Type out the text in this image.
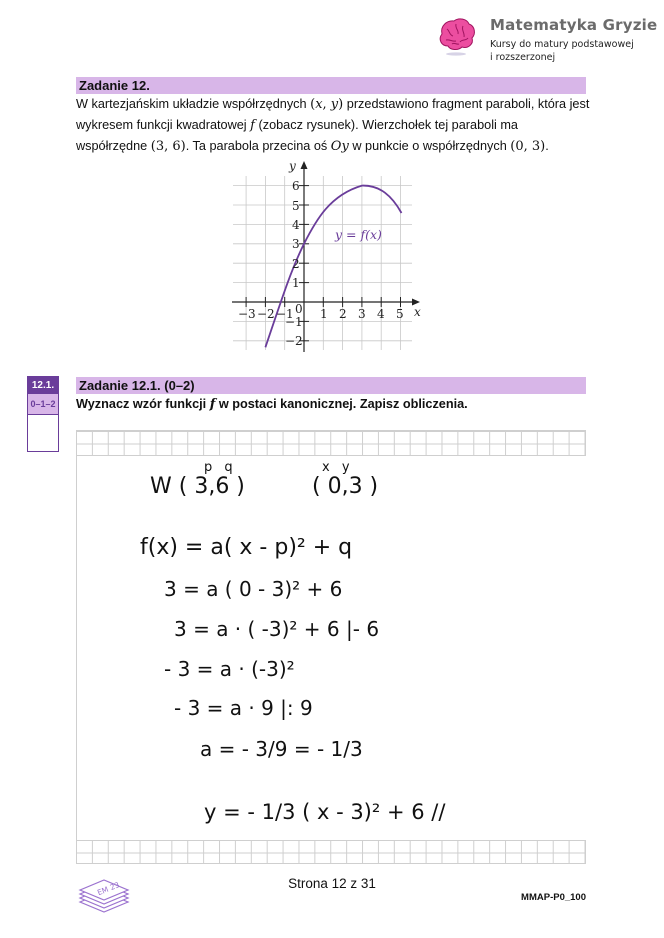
Matematyka Gryzie
Kursy do matury podstawowej
i rozszerzonej
Zadanie 12.
W kartezjańskim układzie współrzędnych (x, y) przedstawiono fragment paraboli, która jest
wykresem funkcji kwadratowej f (zobacz rysunek). Wierzchołek tej paraboli ma
współrzędne (3, 6). Ta parabola przecina oś Oy w punkcie o współrzędnych (0, 3).
−3 −2 −1 0 1 2 3 4 5
−2
−1
1
2
3
4
5
6
x
y
y = f(x)
12.1.
0–1–2
Zadanie 12.1. (0–2)
Wyznacz wzór funkcji f w postaci kanonicznej. Zapisz obliczenia.
p q
W ( 3,6 )
x y
( 0,3 )
f(x) = a( x - p)² + q
3 = a ( 0 - 3)² + 6
3 = a · ( -3)² + 6 |- 6
- 3 = a · (-3)²
- 3 = a · 9 |: 9
a = - 3/9 = - 1/3
y = - 1/3 ( x - 3)² + 6 //
EM 23	Strona 12 z 31
MMAP-P0_100
